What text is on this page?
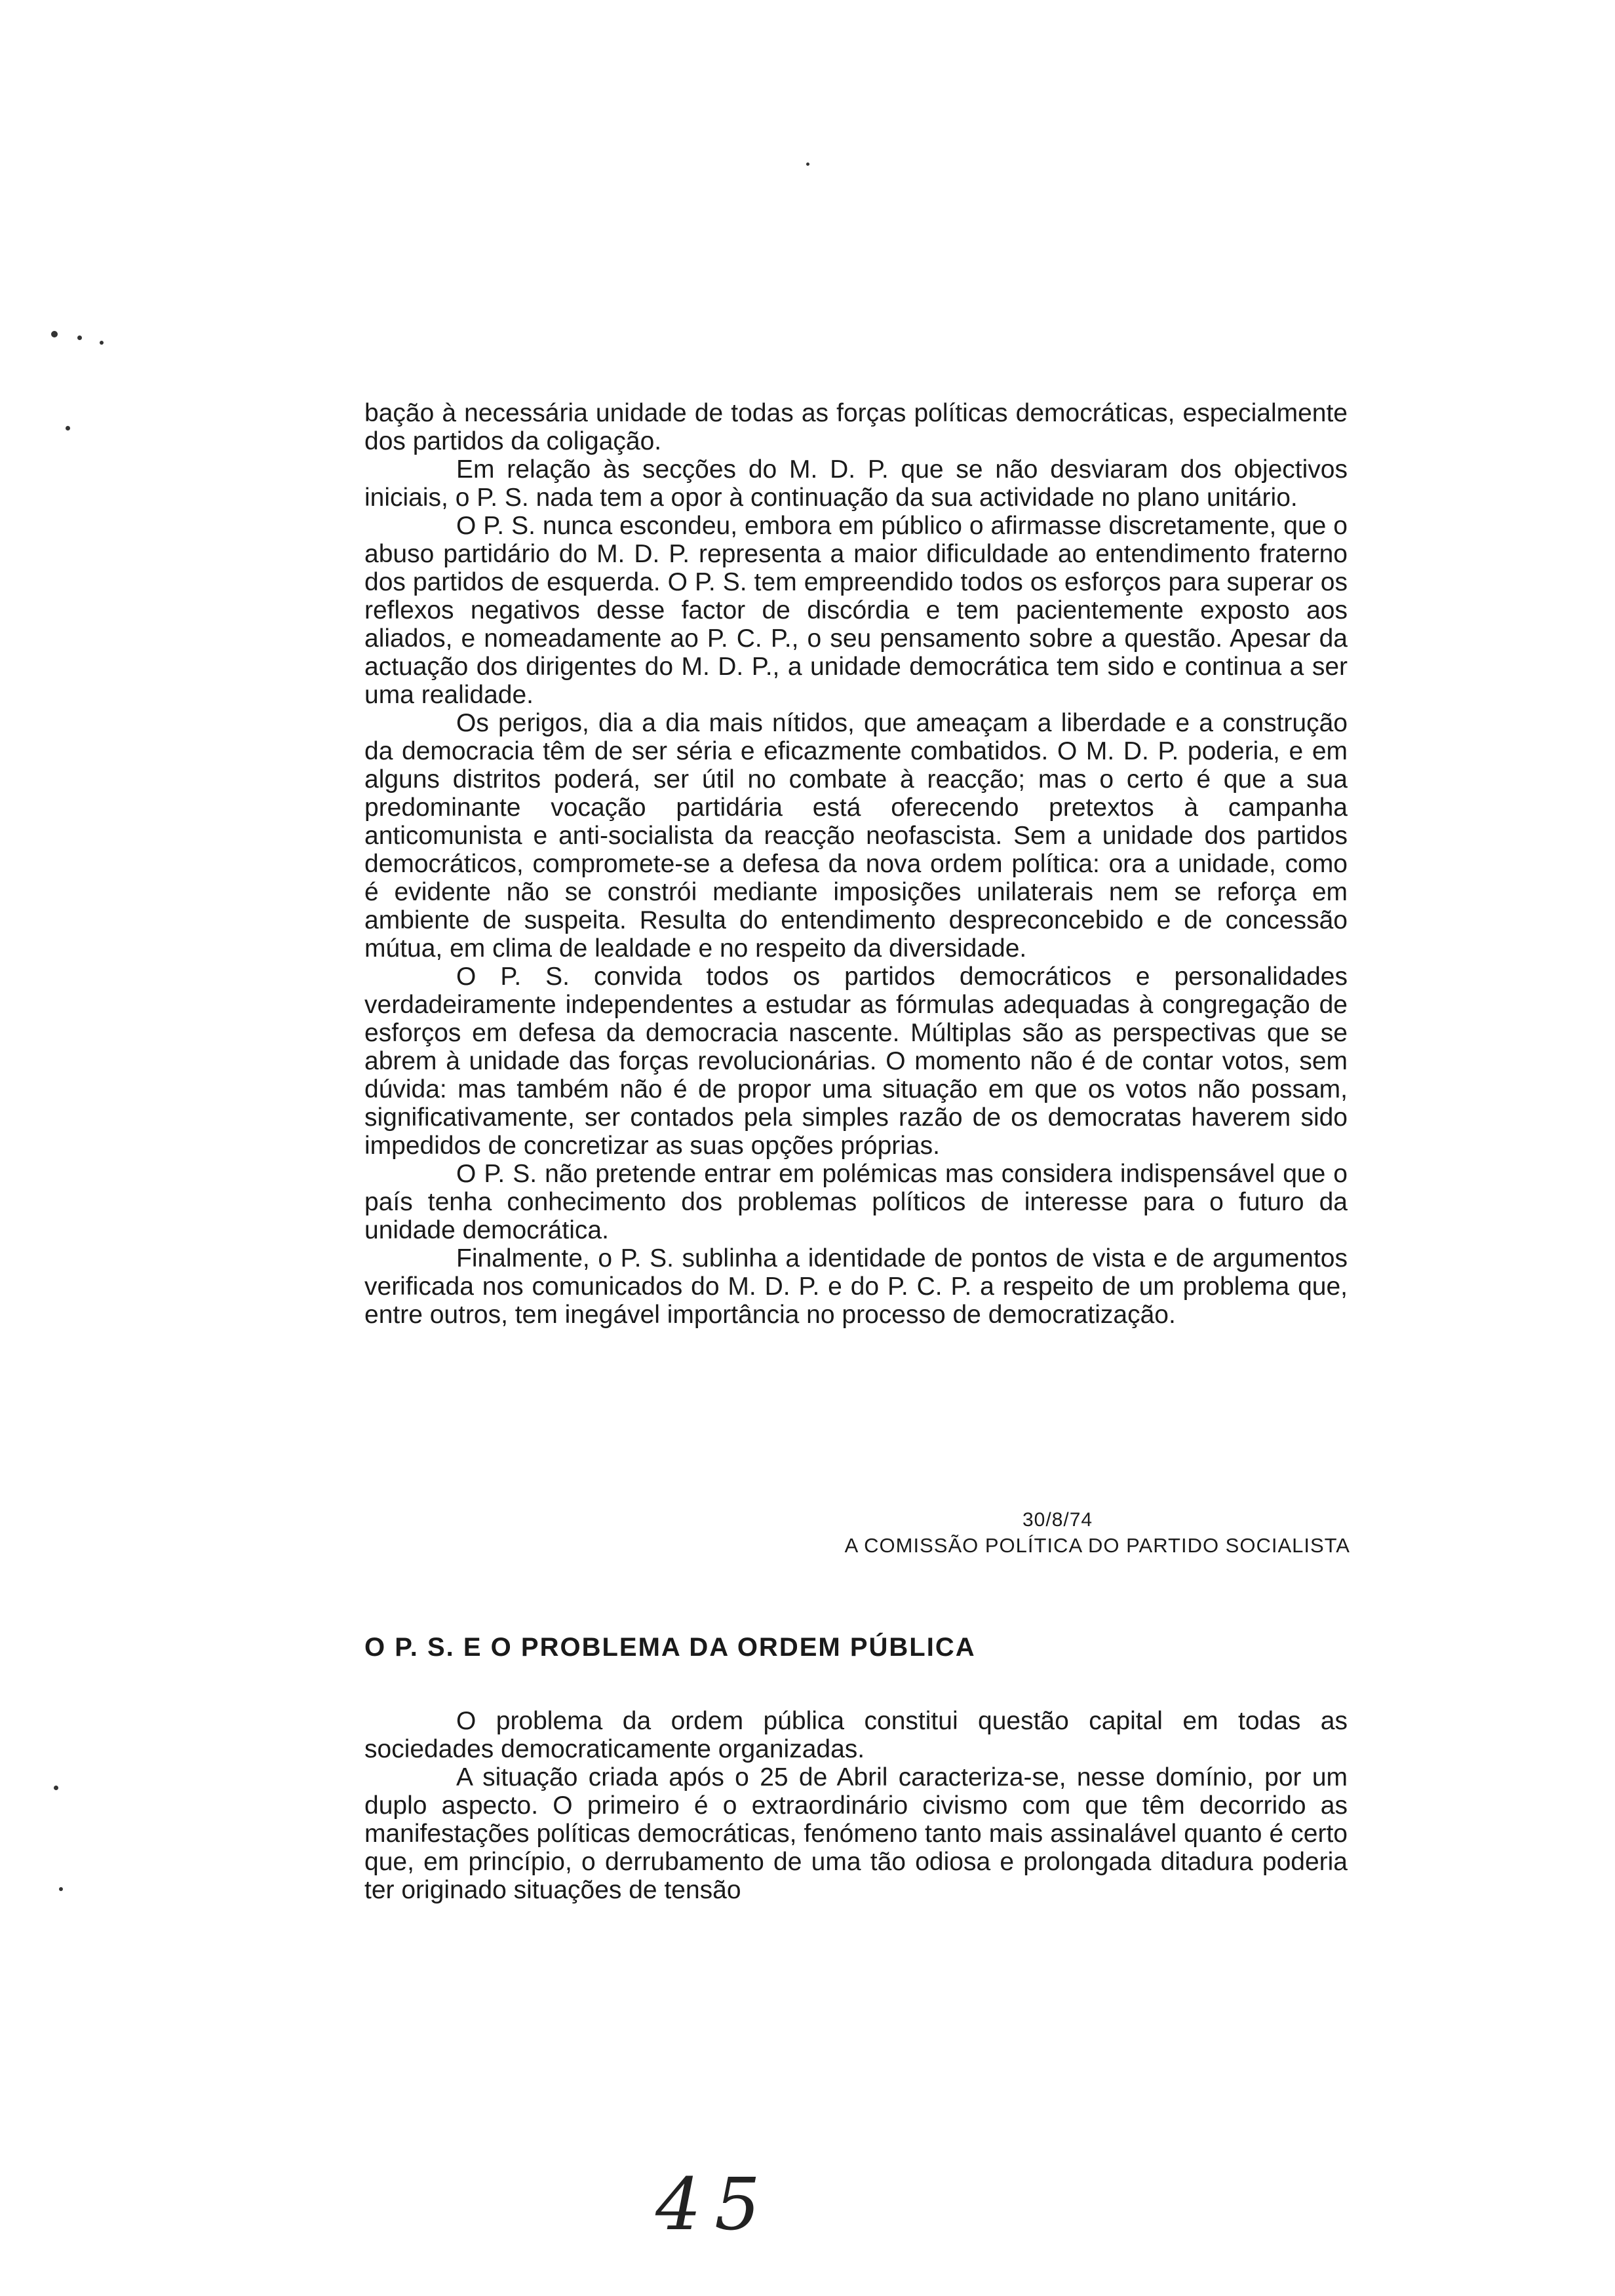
bação à necessária unidade de todas as forças políticas democráticas, especialmente dos partidos da coligação.

Em relação às secções do M. D. P. que se não desviaram dos objectivos iniciais, o P. S. nada tem a opor à continuação da sua actividade no plano unitário.

O P. S. nunca escondeu, embora em público o afirmasse discretamente, que o abuso partidário do M. D. P. representa a maior dificuldade ao entendimento fraterno dos partidos de esquerda. O P. S. tem empreendido todos os esforços para superar os reflexos negativos desse factor de discórdia e tem pacientemente exposto aos aliados, e nomeadamente ao P. C. P., o seu pensamento sobre a questão. Apesar da actuação dos dirigentes do M. D. P., a unidade democrática tem sido e continua a ser uma realidade.

Os perigos, dia a dia mais nítidos, que ameaçam a liberdade e a construção da democracia têm de ser séria e eficazmente combatidos. O M. D. P. poderia, e em alguns distritos poderá, ser útil no combate à reacção; mas o certo é que a sua predominante vocação partidária está oferecendo pretextos à campanha anticomunista e anti-socialista da reacção neofascista. Sem a unidade dos partidos democráticos, compromete-se a defesa da nova ordem política: ora a unidade, como é evidente não se constrói mediante imposições unilaterais nem se reforça em ambiente de suspeita. Resulta do entendimento despreconcebido e de concessão mútua, em clima de lealdade e no respeito da diversidade.

O P. S. convida todos os partidos democráticos e personalidades verdadeiramente independentes a estudar as fórmulas adequadas à congregação de esforços em defesa da democracia nascente. Múltiplas são as perspectivas que se abrem à unidade das forças revolucionárias. O momento não é de contar votos, sem dúvida: mas também não é de propor uma situação em que os votos não possam, significativamente, ser contados pela simples razão de os democratas haverem sido impedidos de concretizar as suas opções próprias.

O P. S. não pretende entrar em polémicas mas considera indispensável que o país tenha conhecimento dos problemas políticos de interesse para o futuro da unidade democrática.

Finalmente, o P. S. sublinha a identidade de pontos de vista e de argumentos verificada nos comunicados do M. D. P. e do P. C. P. a respeito de um problema que, entre outros, tem inegável importância no processo de democratização.

30/8/74

A COMISSÃO POLÍTICA DO PARTIDO SOCIALISTA

O P. S. E O PROBLEMA DA ORDEM PÚBLICA

O problema da ordem pública constitui questão capital em todas as sociedades democraticamente organizadas.

A situação criada após o 25 de Abril caracteriza-se, nesse domínio, por um duplo aspecto. O primeiro é o extraordinário civismo com que têm decorrido as manifestações políticas democráticas, fenómeno tanto mais assinalável quanto é certo que, em princípio, o derrubamento de uma tão odiosa e prolongada ditadura poderia ter originado situações de tensão

45
